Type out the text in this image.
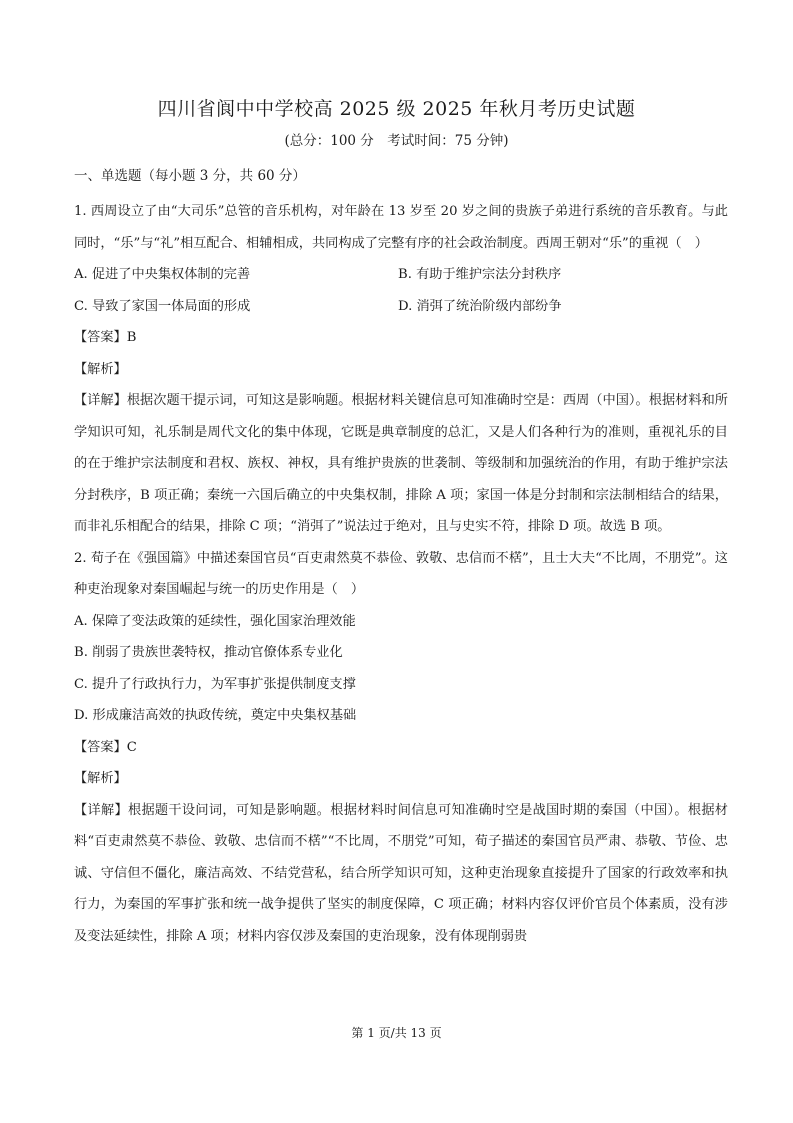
四川省阆中中学校高 2025 级 2025 年秋月考历史试题
(总分：100 分　考试时间：75 分钟)
一、单选题（每小题 3 分，共 60 分）

1. 西周设立了由“大司乐”总管的音乐机构，对年龄在 13 岁至 20 岁之间的贵族子弟进行系统的音乐教育。与此同时，“乐”与“礼”相互配合、相辅相成，共同构成了完整有序的社会政治制度。西周王朝对“乐”的重视（　）

A. 促进了中央集权体制的完善	B. 有助于维护宗法分封秩序

C. 导致了家国一体局面的形成	D. 消弭了统治阶级内部纷争

【答案】B

【解析】

【详解】根据次题干提示词，可知这是影响题。根据材料关键信息可知准确时空是：西周（中国）。根据材料和所学知识可知，礼乐制是周代文化的集中体现，它既是典章制度的总汇，又是人们各种行为的准则，重视礼乐的目的在于维护宗法制度和君权、族权、神权，具有维护贵族的世袭制、等级制和加强统治的作用，有助于维护宗法分封秩序，B 项正确；秦统一六国后确立的中央集权制，排除 A 项；家国一体是分封制和宗法制相结合的结果，而非礼乐相配合的结果，排除 C 项；“消弭了”说法过于绝对，且与史实不符，排除 D 项。故选 B 项。

2. 荀子在《强国篇》中描述秦国官员“百吏肃然莫不恭俭、敦敬、忠信而不楛”，且士大夫“不比周，不朋党”。这种吏治现象对秦国崛起与统一的历史作用是（　）

A. 保障了变法政策的延续性，强化国家治理效能

B. 削弱了贵族世袭特权，推动官僚体系专业化

C. 提升了行政执行力，为军事扩张提供制度支撑

D. 形成廉洁高效的执政传统，奠定中央集权基础

【答案】C

【解析】

【详解】根据题干设问词，可知是影响题。根据材料时间信息可知准确时空是战国时期的秦国（中国）。根据材料“百吏肃然莫不恭俭、敦敬、忠信而不楛”“不比周，不朋党”可知，荀子描述的秦国官员严肃、恭敬、节俭、忠诚、守信但不僵化，廉洁高效、不结党营私，结合所学知识可知，这种吏治现象直接提升了国家的行政效率和执行力，为秦国的军事扩张和统一战争提供了坚实的制度保障，C 项正确；材料内容仅评价官员个体素质，没有涉及变法延续性，排除 A 项；材料内容仅涉及秦国的吏治现象，没有体现削弱贵

第 1 页/共 13 页
